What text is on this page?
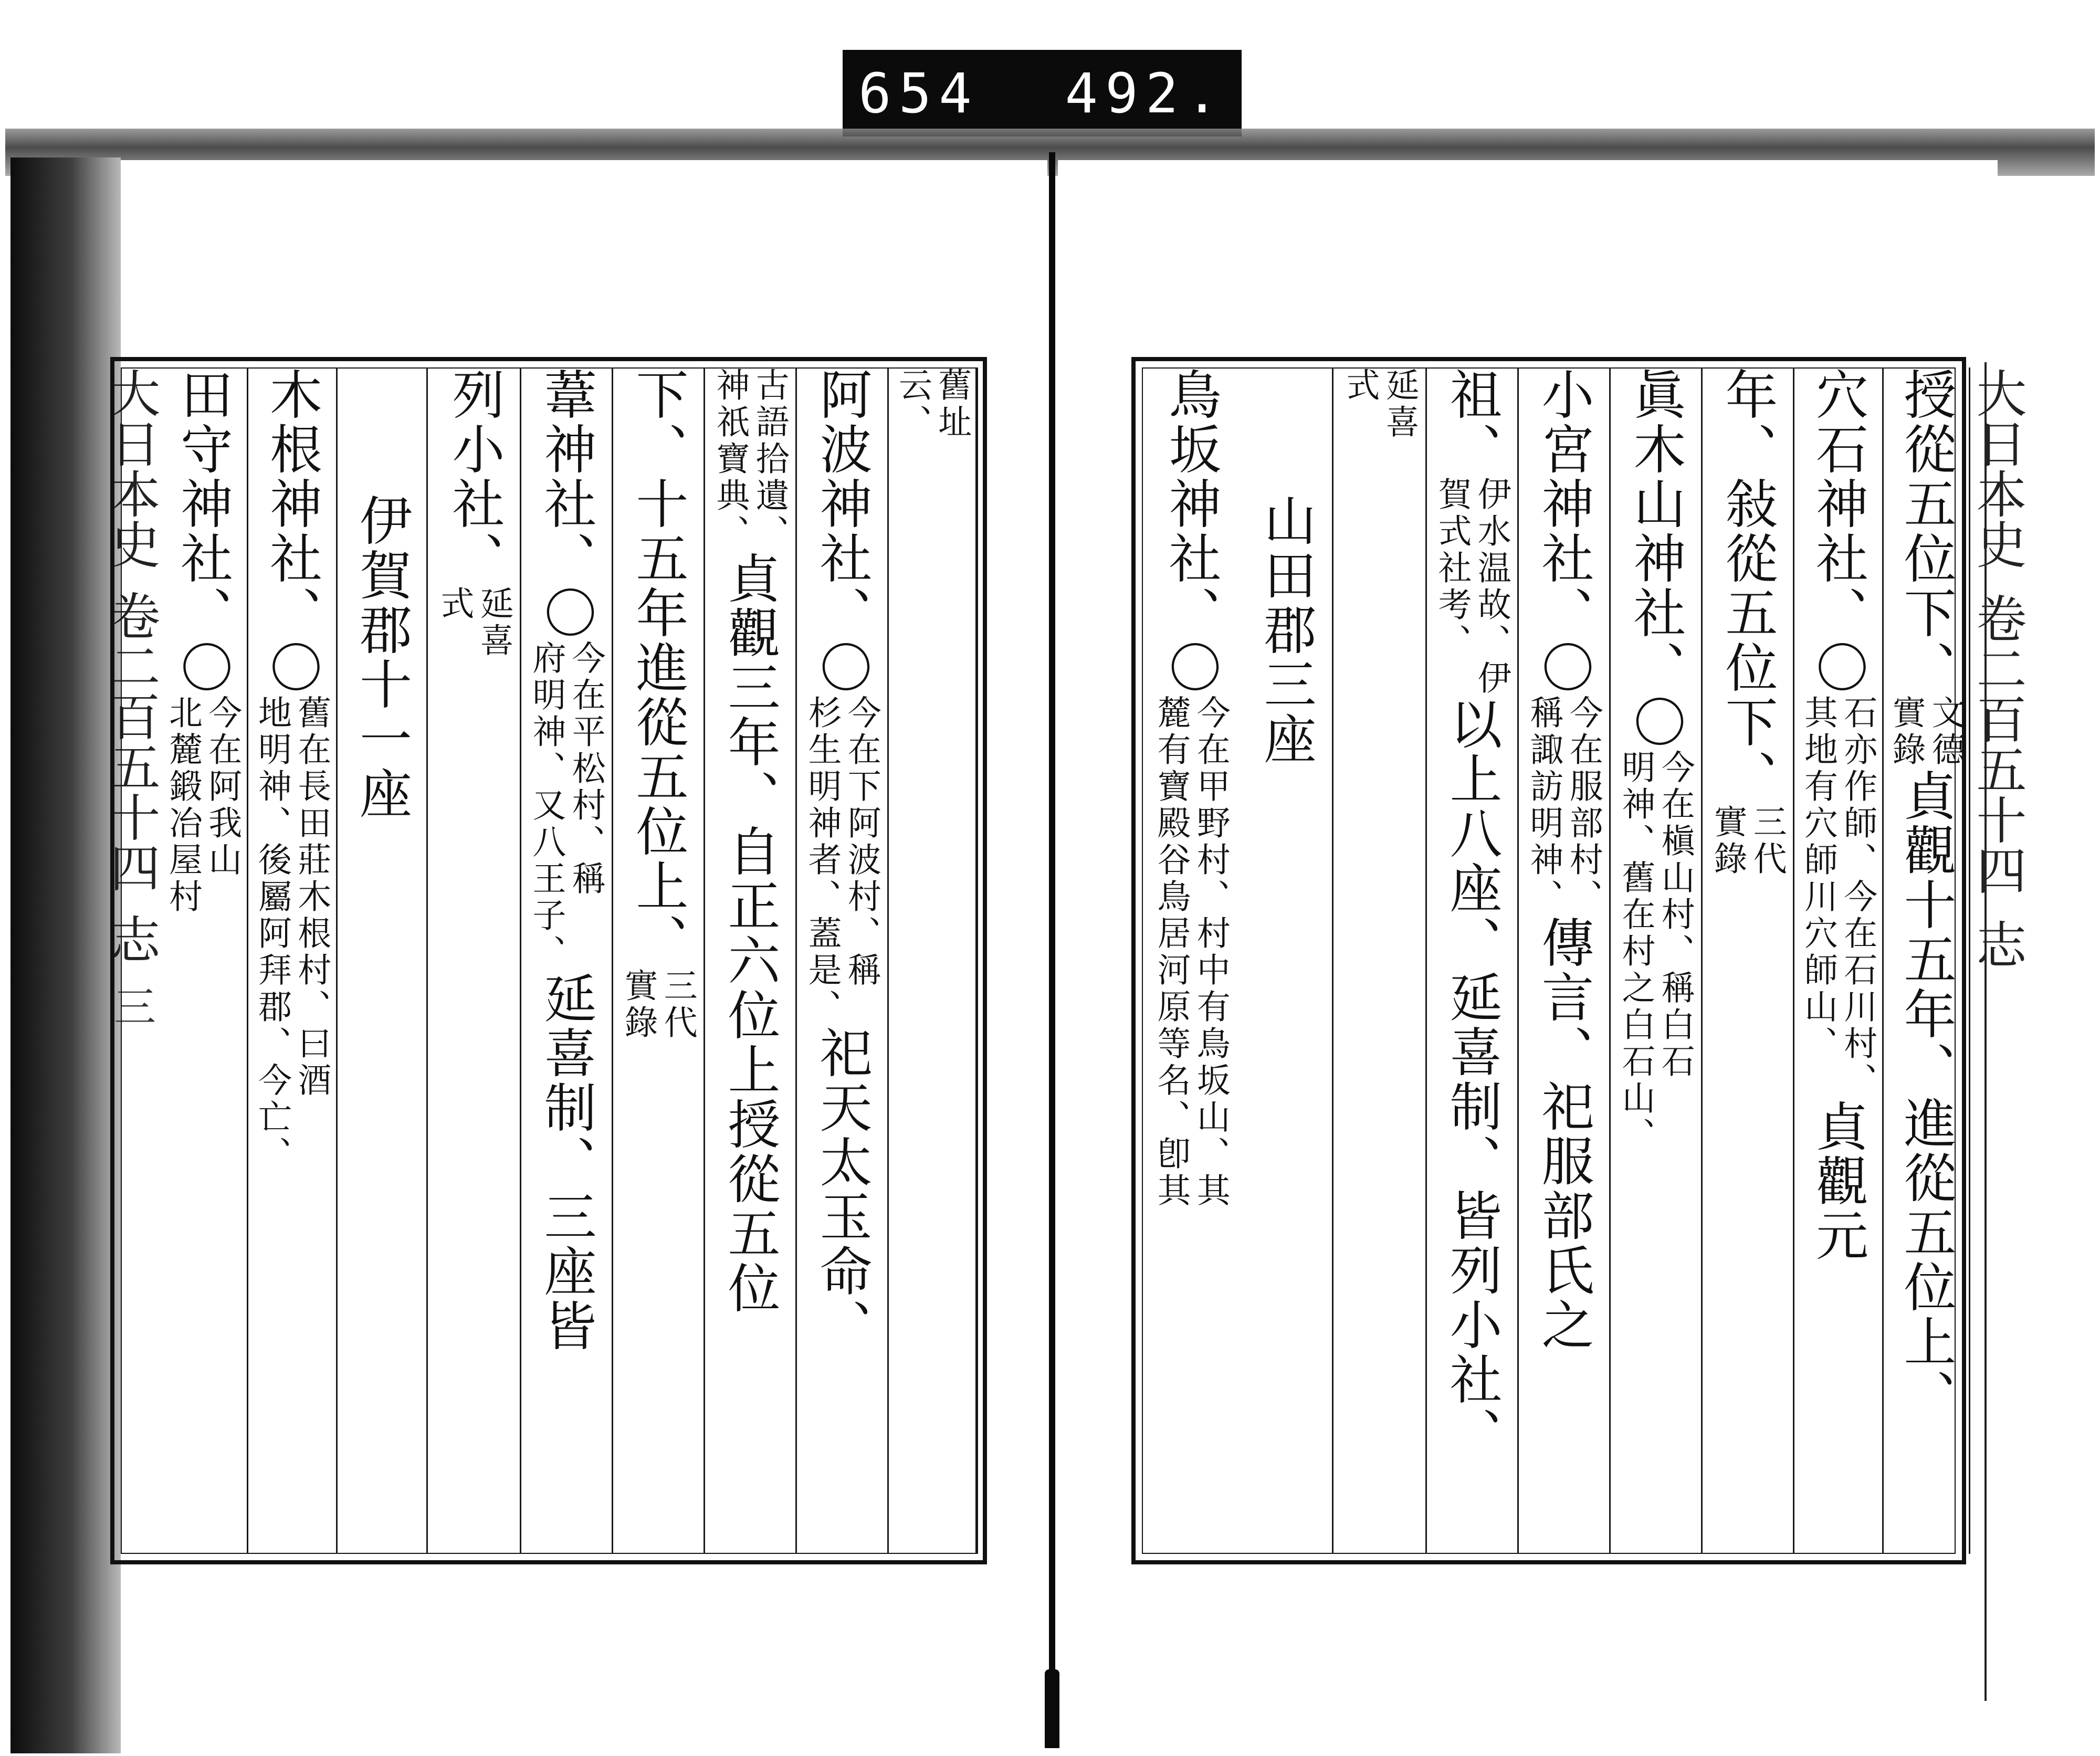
654 492.
大日本史
卷二百五十四
志
三
大日本史
卷二百五十四
志
舊址
云、
阿波神社、〇
今在下阿波村、稱
杉生明神者、蓋是、
祀天太玉命、
古語拾遺、
神祇寶典、
貞觀三年、自正六位上授從五位
下、十五年進從五位上、
三代
實錄
葦神社、〇
今在平松村、稱
府明神、又八王子、
延喜制、三座皆
列小社、
延喜
式
伊賀郡十一座
木根神社、〇
舊在長田莊木根村、曰酒
地明神、後屬阿拜郡、今亡、
田守神社、〇
今在阿我山
北麓鍛冶屋村
授從五位下、
文德
實錄
貞觀十五年、進從五位上、
穴石神社、〇
石亦作師、今在石川村、
其地有穴師川穴師山、
貞觀元
年、敍從五位下、
三代
實錄
眞木山神社、〇
今在槇山村、稱白石
明神、舊在村之白石山、
小宮神社、〇
今在服部村、
稱諏訪明神、
傳言、祀服部氏之
祖、
伊水温故、伊
賀式社考、
以上八座、延喜制、皆列小社、
延喜
式
山田郡三座
鳥坂神社、〇
今在甲野村、村中有鳥坂山、其
麓有寶殿谷鳥居河原等名、卽其
